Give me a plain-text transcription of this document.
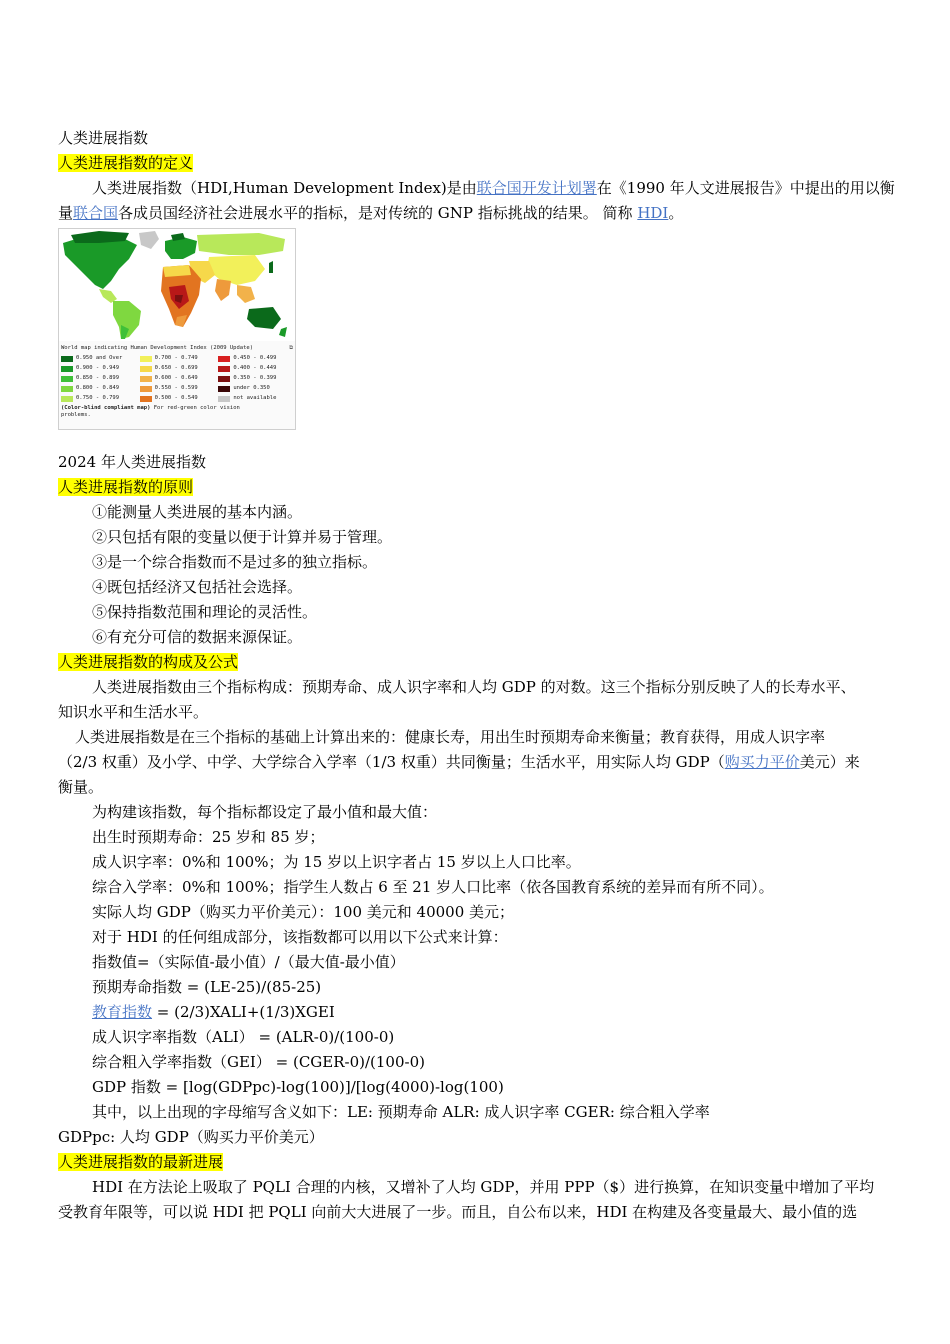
人类进展指数
人类进展指数的定义
人类进展指数（HDI,Human Development Index)是由联合国开发计划署在《1990 年人文进展报告》中提出的用以衡
量联合国各成员国经济社会进展水平的指标，是对传统的 GNP 指标挑战的结果。 简称 HDI。
World map indicating Human Development Index (2009 Update)	⧉
0.950 and Over	0.700 - 0.749	0.450 - 0.499
0.900 - 0.949	0.650 - 0.699	0.400 - 0.449
0.850 - 0.899	0.600 - 0.649	0.350 - 0.399
0.800 - 0.849	0.550 - 0.599	under 0.350
0.750 - 0.799	0.500 - 0.549	not available
(Color-blind compliant map) For red-green color vision
problems.
2024 年人类进展指数
人类进展指数的原则
①能测量人类进展的基本内涵。
②只包括有限的变量以便于计算并易于管理。
③是一个综合指数而不是过多的独立指标。
④既包括经济又包括社会选择。
⑤保持指数范围和理论的灵活性。
⑥有充分可信的数据来源保证。
人类进展指数的构成及公式
人类进展指数由三个指标构成：预期寿命、成人识字率和人均 GDP 的对数。这三个指标分别反映了人的长寿水平、
知识水平和生活水平。
人类进展指数是在三个指标的基础上计算出来的：健康长寿，用出生时预期寿命来衡量；教育获得，用成人识字率
（2/3 权重）及小学、中学、大学综合入学率（1/3 权重）共同衡量；生活水平，用实际人均 GDP（购买力平价美元）来
衡量。
为构建该指数，每个指标都设定了最小值和最大值：
出生时预期寿命：25 岁和 85 岁；
成人识字率：0%和 100%；为 15 岁以上识字者占 15 岁以上人口比率。
综合入学率：0%和 100%；指学生人数占 6 至 21 岁人口比率（依各国教育系统的差异而有所不同）。
实际人均 GDP（购买力平价美元）：100 美元和 40000 美元；
对于 HDI 的任何组成部分，该指数都可以用以下公式来计算：
指数值=（实际值-最小值）/（最大值-最小值）
预期寿命指数 = (LE-25)/(85-25)
教育指数 = (2/3)XALI+(1/3)XGEI
成人识字率指数（ALI） = (ALR-0)/(100-0)
综合粗入学率指数（GEI） = (CGER-0)/(100-0)
GDP 指数 = [log(GDPpc)-log(100)]/[log(4000)-log(100)
其中，以上出现的字母缩写含义如下：LE: 预期寿命 ALR: 成人识字率 CGER: 综合粗入学率
GDPpc: 人均 GDP（购买力平价美元）
人类进展指数的最新进展
HDI 在方法论上吸取了 PQLI 合理的内核，又增补了人均 GDP，并用 PPP（$）进行换算，在知识变量中增加了平均
受教育年限等，可以说 HDI 把 PQLI 向前大大进展了一步。而且，自公布以来，HDI 在构建及各变量最大、最小值的选
